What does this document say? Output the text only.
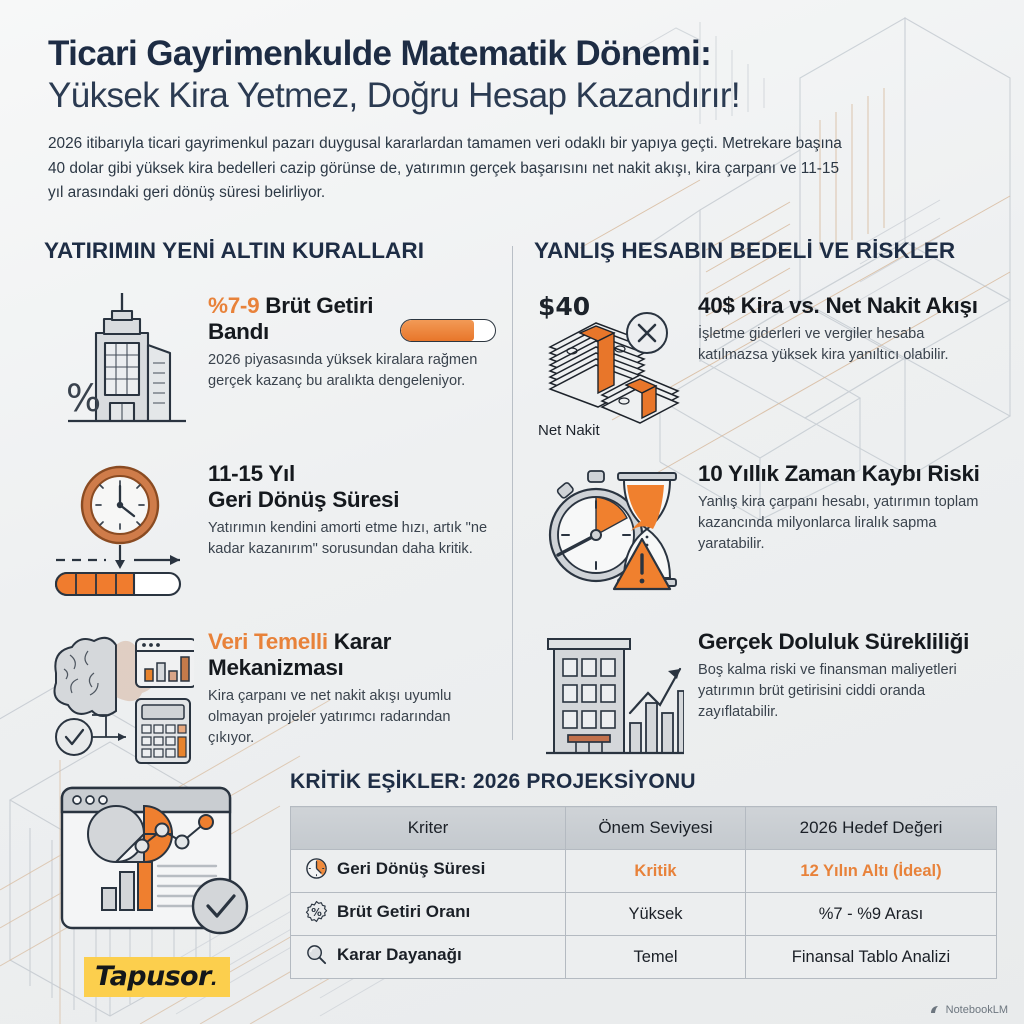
Ticari Gayrimenkulde Matematik Dönemi:
Yüksek Kira Yetmez, Doğru Hesap Kazandırır!
2026 itibarıyla ticari gayrimenkul pazarı duygusal kararlardan tamamen veri odaklı bir yapıya geçti. Metrekare başına 40 dolar gibi yüksek kira bedelleri cazip görünse de, yatırımın gerçek başarısını net nakit akışı, kira çarpanı ve 11-15 yıl arasındaki geri dönüş süresi belirliyor.
YATIRIMIN YENİ ALTIN KURALLARI
%
%7-9 Brüt Getiri Bandı
2026 piyasasında yüksek kiralara rağmen gerçek kazanç bu aralıkta dengeleniyor.
11-15 Yıl
Geri Dönüş Süresi
Yatırımın kendini amorti etme hızı, artık "ne kadar kazanırım" sorusundan daha kritik.
Veri Temelli Karar Mekanizması
Kira çarpanı ve net nakit akışı uyumlu olmayan projeler yatırımcı radarından çıkıyor.
YANLIŞ HESABIN BEDELİ VE RİSKLER
$40
Net Nakit
40$ Kira vs. Net Nakit Akışı
İşletme giderleri ve vergiler hesaba katılmazsa yüksek kira yanıltıcı olabilir.
10 Yıllık Zaman Kaybı Riski
Yanlış kira çarpanı hesabı, yatırımın toplam kazancında milyonlarca liralık sapma yaratabilir.
Gerçek Doluluk Sürekliliği
Boş kalma riski ve finansman maliyetleri yatırımın brüt getirisini ciddi oranda zayıflatabilir.
KRİTİK EŞİKLER: 2026 PROJEKSİYONU
Kriter	Önem Seviyesi	2026 Hedef Değeri

Geri Dönüş Süresi	Kritik	12 Yılın Altı (İdeal)

% Brüt Getiri Oranı	Yüksek	%7 - %9 Arası

Karar Dayanağı	Temel	Finansal Tablo Analizi
Tapusor.
NotebookLM
